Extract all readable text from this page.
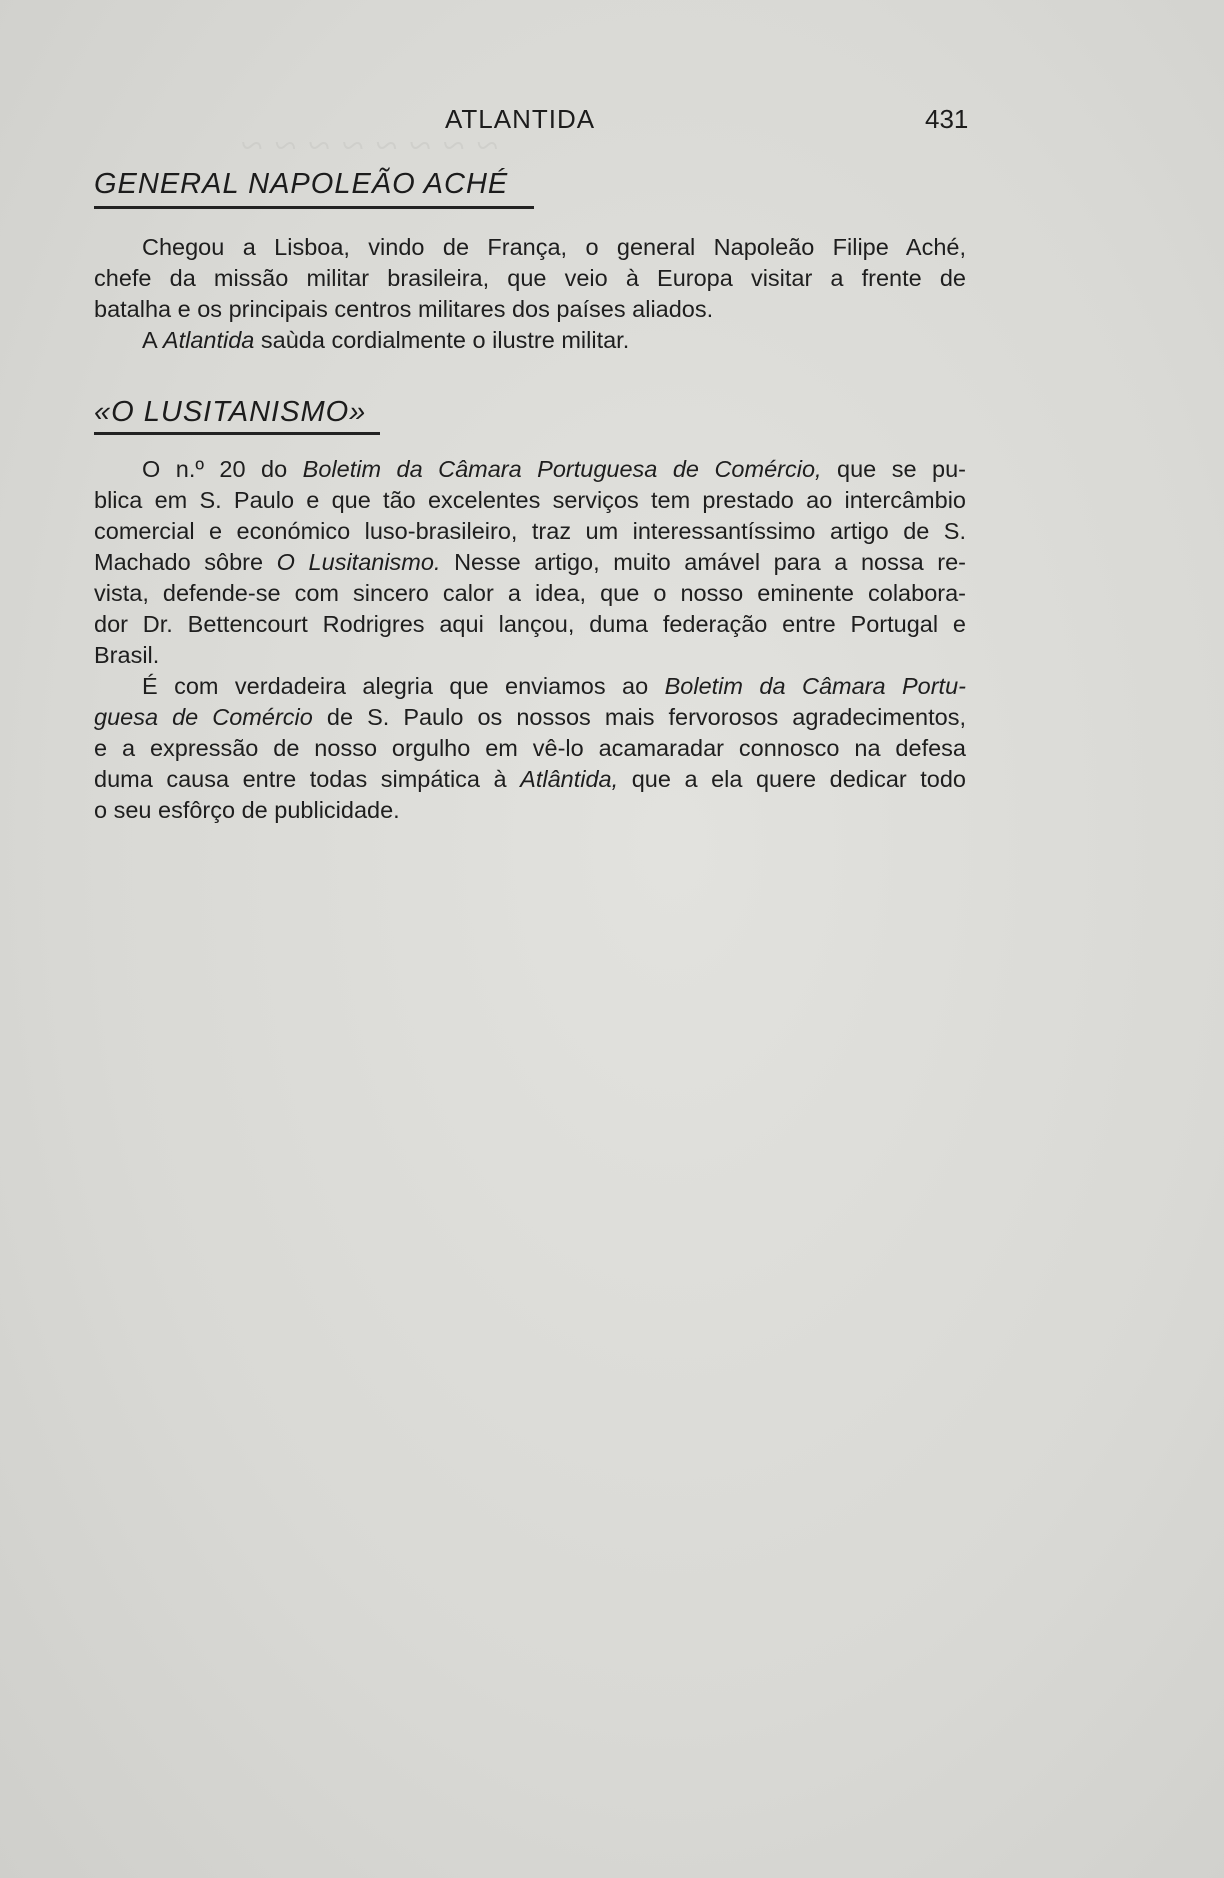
~ ~ ~ ~ ~ ~ ~ ~
ATLANTIDA	431
GENERAL NAPOLEÃO ACHÉ
Chegou a Lisboa, vindo de França, o general Napoleão Filipe Aché,
chefe da missão militar brasileira, que veio à Europa visitar a frente de
batalha e os principais centros militares dos países aliados.
A Atlantida saùda cordialmente o ilustre militar.
«O LUSITANISMO»
O n.º 20 do Boletim da Câmara Portuguesa de Comércio, que se pu-
blica em S. Paulo e que tão excelentes serviços tem prestado ao intercâmbio
comercial e económico luso-brasileiro, traz um interessantíssimo artigo de S.
Machado sôbre O Lusitanismo. Nesse artigo, muito amável para a nossa re-
vista, defende-se com sincero calor a idea, que o nosso eminente colabora-
dor Dr. Bettencourt Rodrigres aqui lançou, duma federação entre Portugal e
Brasil.
É com verdadeira alegria que enviamos ao Boletim da Câmara Portu-
guesa de Comércio de S. Paulo os nossos mais fervorosos agradecimentos,
e a expressão de nosso orgulho em vê-lo acamaradar connosco na defesa
duma causa entre todas simpática à Atlântida, que a ela quere dedicar todo
o seu esfôrço de publicidade.
